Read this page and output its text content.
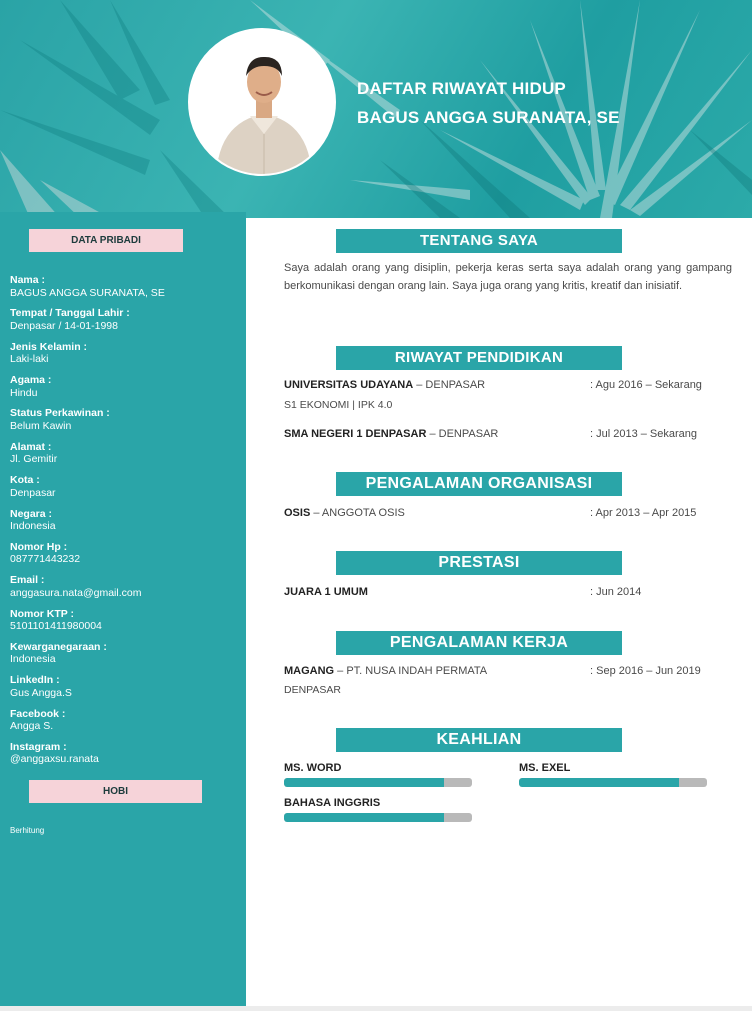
DAFTAR RIWAYAT HIDUP
BAGUS ANGGA SURANATA, SE
DATA PRIBADI
Nama :
BAGUS ANGGA SURANATA, SE
Tempat / Tanggal Lahir :
Denpasar / 14-01-1998
Jenis Kelamin :
Laki-laki
Agama :
Hindu
Status Perkawinan :
Belum Kawin
Alamat :
Jl. Gemitir
Kota :
Denpasar
Negara :
Indonesia
Nomor Hp :
087771443232
Email :
anggasura.nata@gmail.com
Nomor KTP :
5101101411980004
Kewarganegaraan :
Indonesia
LinkedIn :
Gus Angga.S
Facebook :
Angga S.
Instagram :
@anggaxsu.ranata
HOBI
Berhitung
TENTANG SAYA
Saya adalah orang yang disiplin, pekerja keras serta saya adalah orang yang gampang berkomunikasi dengan orang lain. Saya juga orang yang kritis, kreatif dan inisiatif.
RIWAYAT PENDIDIKAN
UNIVERSITAS UDAYANA – DENPASAR	: Agu 2016 – Sekarang
S1 EKONOMI | IPK 4.0
SMA NEGERI 1 DENPASAR – DENPASAR	: Jul 2013 – Sekarang
PENGALAMAN ORGANISASI
OSIS – ANGGOTA OSIS	: Apr 2013 – Apr 2015
PRESTASI
JUARA 1 UMUM	: Jun 2014
PENGALAMAN KERJA
MAGANG – PT. NUSA INDAH PERMATA	: Sep 2016 – Jun 2019
DENPASAR
KEAHLIAN
MS. WORD	MS. EXEL
BAHASA INGGRIS
